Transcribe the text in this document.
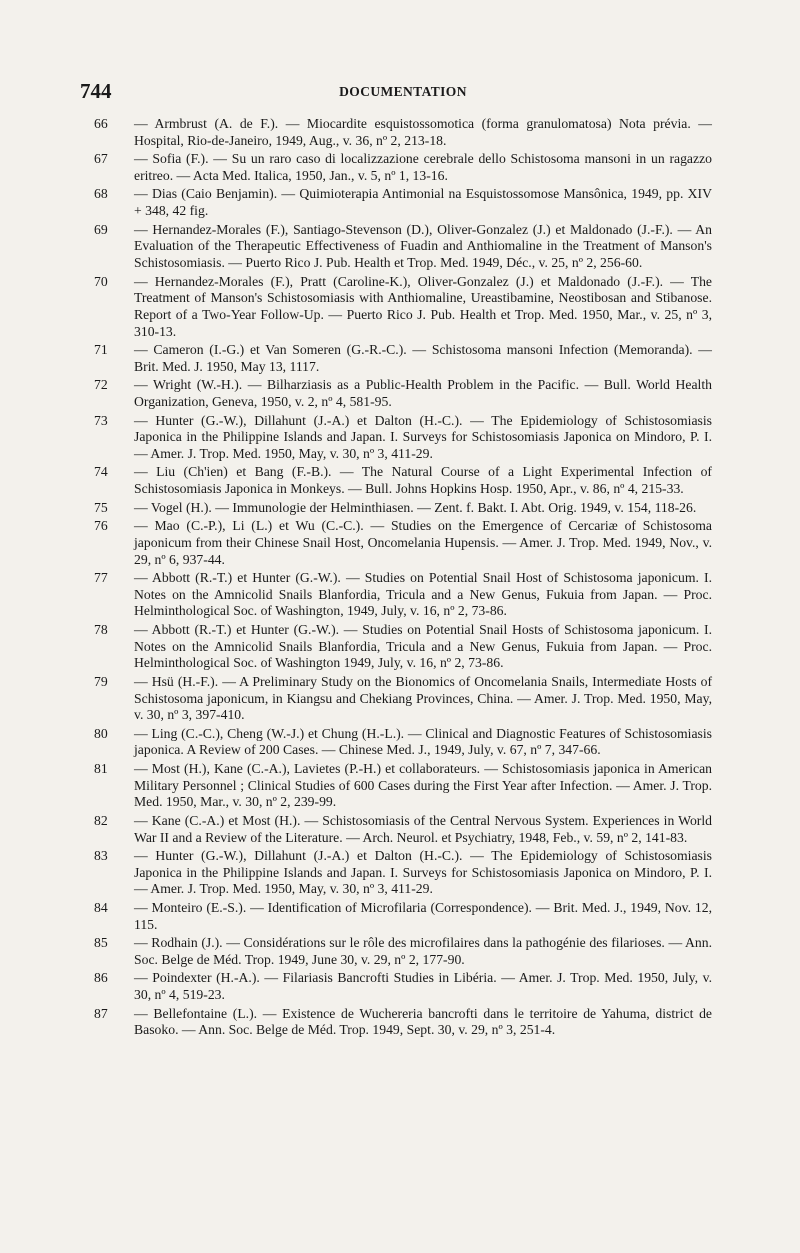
744	DOCUMENTATION
66 — Armbrust (A. de F.). — Miocardite esquistossomotica (forma granulomatosa) Nota prévia. — Hospital, Rio-de-Janeiro, 1949, Aug., v. 36, nº 2, 213-18.
67 — Sofia (F.). — Su un raro caso di localizzazione cerebrale dello Schistosoma mansoni in un ragazzo eritreo. — Acta Med. Italica, 1950, Jan., v. 5, nº 1, 13-16.
68 — Dias (Caio Benjamin). — Quimioterapia Antimonial na Esquistossomose Mansônica, 1949, pp. XIV + 348, 42 fig.
69 — Hernandez-Morales (F.), Santiago-Stevenson (D.), Oliver-Gonzalez (J.) et Maldonado (J.-F.). — An Evaluation of the Therapeutic Effectiveness of Fuadin and Anthiomaline in the Treatment of Manson's Schistosomiasis. — Puerto Rico J. Pub. Health et Trop. Med. 1949, Déc., v. 25, nº 2, 256-60.
70 — Hernandez-Morales (F.), Pratt (Caroline-K.), Oliver-Gonzalez (J.) et Maldonado (J.-F.). — The Treatment of Manson's Schistosomiasis with Anthiomaline, Ureastibamine, Neostibosan and Stibanose. Report of a Two-Year Follow-Up. — Puerto Rico J. Pub. Health et Trop. Med. 1950, Mar., v. 25, nº 3, 310-13.
71 — Cameron (I.-G.) et Van Someren (G.-R.-C.). — Schistosoma mansoni Infection (Memoranda). — Brit. Med. J. 1950, May 13, 1117.
72 — Wright (W.-H.). — Bilharziasis as a Public-Health Problem in the Pacific. — Bull. World Health Organization, Geneva, 1950, v. 2, nº 4, 581-95.
73 — Hunter (G.-W.), Dillahunt (J.-A.) et Dalton (H.-C.). — The Epidemiology of Schistosomiasis Japonica in the Philippine Islands and Japan. I. Surveys for Schistosomiasis Japonica on Mindoro, P. I. — Amer. J. Trop. Med. 1950, May, v. 30, nº 3, 411-29.
74 — Liu (Ch'ien) et Bang (F.-B.). — The Natural Course of a Light Experimental Infection of Schistosomiasis Japonica in Monkeys. — Bull. Johns Hopkins Hosp. 1950, Apr., v. 86, nº 4, 215-33.
75 — Vogel (H.). — Immunologie der Helminthiasen. — Zent. f. Bakt. I. Abt. Orig. 1949, v. 154, 118-26.
76 — Mao (C.-P.), Li (L.) et Wu (C.-C.). — Studies on the Emergence of Cercariæ of Schistosoma japonicum from their Chinese Snail Host, Oncomelania Hupensis. — Amer. J. Trop. Med. 1949, Nov., v. 29, nº 6, 937-44.
77 — Abbott (R.-T.) et Hunter (G.-W.). — Studies on Potential Snail Host of Schistosoma japonicum. I. Notes on the Amnicolid Snails Blanfordia, Tricula and a New Genus, Fukuia from Japan. — Proc. Helminthological Soc. of Washington, 1949, July, v. 16, nº 2, 73-86.
78 — Abbott (R.-T.) et Hunter (G.-W.). — Studies on Potential Snail Hosts of Schistosoma japonicum. I. Notes on the Amnicolid Snails Blanfordia, Tricula and a New Genus, Fukuia from Japan. — Proc. Helminthological Soc. of Washington 1949, July, v. 16, nº 2, 73-86.
79 — Hsü (H.-F.). — A Preliminary Study on the Bionomics of Oncomelania Snails, Intermediate Hosts of Schistosoma japonicum, in Kiangsu and Chekiang Provinces, China. — Amer. J. Trop. Med. 1950, May, v. 30, nº 3, 397-410.
80 — Ling (C.-C.), Cheng (W.-J.) et Chung (H.-L.). — Clinical and Diagnostic Features of Schistosomiasis japonica. A Review of 200 Cases. — Chinese Med. J., 1949, July, v. 67, nº 7, 347-66.
81 — Most (H.), Kane (C.-A.), Lavietes (P.-H.) et collaborateurs. — Schistosomiasis japonica in American Military Personnel ; Clinical Studies of 600 Cases during the First Year after Infection. — Amer. J. Trop. Med. 1950, Mar., v. 30, nº 2, 239-99.
82 — Kane (C.-A.) et Most (H.). — Schistosomiasis of the Central Nervous System. Experiences in World War II and a Review of the Literature. — Arch. Neurol. et Psychiatry, 1948, Feb., v. 59, nº 2, 141-83.
83 — Hunter (G.-W.), Dillahunt (J.-A.) et Dalton (H.-C.). — The Epidemiology of Schistosomiasis Japonica in the Philippine Islands and Japan. I. Surveys for Schistosomiasis Japonica on Mindoro, P. I. — Amer. J. Trop. Med. 1950, May, v. 30, nº 3, 411-29.
84 — Monteiro (E.-S.). — Identification of Microfilaria (Correspondence). — Brit. Med. J., 1949, Nov. 12, 115.
85 — Rodhain (J.). — Considérations sur le rôle des microfilaires dans la pathogénie des filarioses. — Ann. Soc. Belge de Méd. Trop. 1949, June 30, v. 29, nº 2, 177-90.
86 — Poindexter (H.-A.). — Filariasis Bancrofti Studies in Libéria. — Amer. J. Trop. Med. 1950, July, v. 30, nº 4, 519-23.
87 — Bellefontaine (L.). — Existence de Wuchereria bancrofti dans le territoire de Yahuma, district de Basoko. — Ann. Soc. Belge de Méd. Trop. 1949, Sept. 30, v. 29, nº 3, 251-4.
